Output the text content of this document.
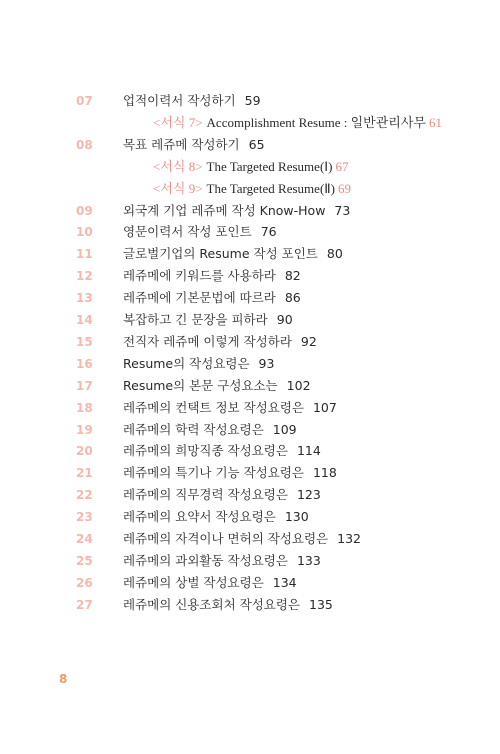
07	업적이력서 작성하기 59
<서식 7> Accomplishment Resume : 일반관리사무 61
08	목표 레쥬메 작성하기 65
<서식 8> The Targeted Resume(Ⅰ) 67
<서식 9> The Targeted Resume(Ⅱ) 69
09	외국계 기업 레쥬메 작성 Know-How 73
10	영문이력서 작성 포인트 76
11	글로벌기업의 Resume 작성 포인트 80
12	레쥬메에 키워드를 사용하라 82
13	레쥬메에 기본문법에 따르라 86
14	복잡하고 긴 문장을 피하라 90
15	전직자 레쥬메 이렇게 작성하라 92
16	Resume의 작성요령은 93
17	Resume의 본문 구성요소는 102
18	레쥬메의 컨택트 정보 작성요령은 107
19	레쥬메의 학력 작성요령은 109
20	레쥬메의 희망직종 작성요령은 114
21	레쥬메의 특기나 기능 작성요령은 118
22	레쥬메의 직무경력 작성요령은 123
23	레쥬메의 요약서 작성요령은 130
24	레쥬메의 자격이나 면허의 작성요령은 132
25	레쥬메의 과외활동 작성요령은 133
26	레쥬메의 상벌 작성요령은 134
27	레쥬메의 신용조회처 작성요령은 135
8
